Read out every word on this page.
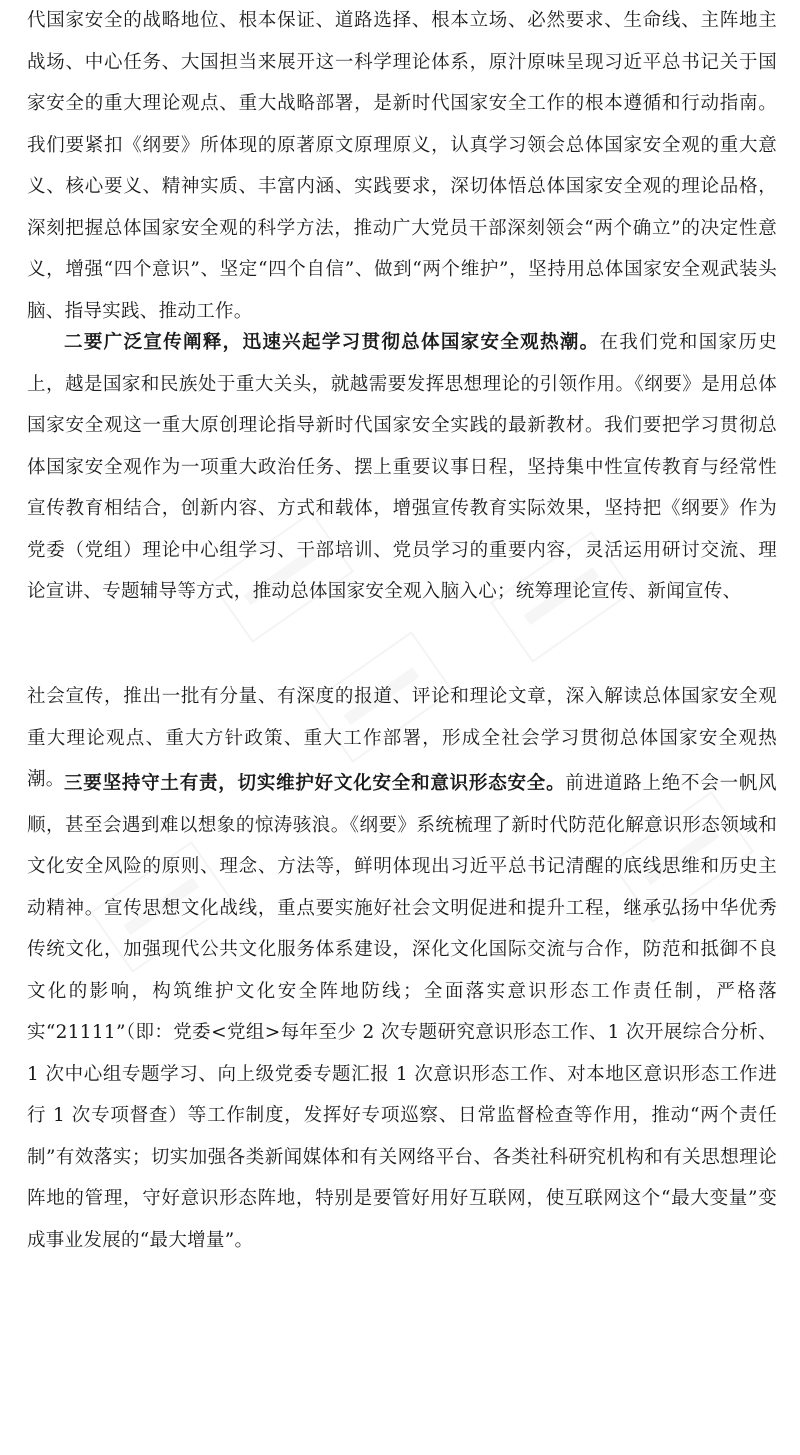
代国家安全的战略地位、根本保证、道路选择、根本立场、必然要求、生命线、主阵地主战场、中心任务、大国担当来展开这一科学理论体系，原汁原味呈现习近平总书记关于国家安全的重大理论观点、重大战略部署，是新时代国家安全工作的根本遵循和行动指南。我们要紧扣《纲要》所体现的原著原文原理原义，认真学习领会总体国家安全观的重大意义、核心要义、精神实质、丰富内涵、实践要求，深切体悟总体国家安全观的理论品格，深刻把握总体国家安全观的科学方法，推动广大党员干部深刻领会“两个确立”的决定性意义，增强“四个意识”、坚定“四个自信”、做到“两个维护”，坚持用总体国家安全观武装头脑、指导实践、推动工作。

二要广泛宣传阐释，迅速兴起学习贯彻总体国家安全观热潮。在我们党和国家历史上，越是国家和民族处于重大关头，就越需要发挥思想理论的引领作用。《纲要》是用总体国家安全观这一重大原创理论指导新时代国家安全实践的最新教材。我们要把学习贯彻总体国家安全观作为一项重大政治任务、摆上重要议事日程，坚持集中性宣传教育与经常性宣传教育相结合，创新内容、方式和载体，增强宣传教育实际效果，坚持把《纲要》作为党委（党组）理论中心组学习、干部培训、党员学习的重要内容，灵活运用研讨交流、理论宣讲、专题辅导等方式，推动总体国家安全观入脑入心；统筹理论宣传、新闻宣传、

社会宣传，推出一批有分量、有深度的报道、评论和理论文章，深入解读总体国家安全观重大理论观点、重大方针政策、重大工作部署，形成全社会学习贯彻总体国家安全观热潮。 三要坚持守土有责，切实维护好文化安全和意识形态安全。前进道路上绝不会一帆风顺，甚至会遇到难以想象的惊涛骇浪。《纲要》系统梳理了新时代防范化解意识形态领域和文化安全风险的原则、理念、方法等，鲜明体现出习近平总书记清醒的底线思维和历史主动精神。宣传思想文化战线，重点要实施好社会文明促进和提升工程，继承弘扬中华优秀传统文化，加强现代公共文化服务体系建设，深化文化国际交流与合作，防范和抵御不良文化的影响，构筑维护文化安全阵地防线；全面落实意识形态工作责任制，严格落实“21111”（即：党委<党组>每年至少 2 次专题研究意识形态工作、1 次开展综合分析、1 次中心组专题学习、向上级党委专题汇报 1 次意识形态工作、对本地区意识形态工作进行 1 次专项督查）等工作制度，发挥好专项巡察、日常监督检查等作用，推动“两个责任制”有效落实；切实加强各类新闻媒体和有关网络平台、各类社科研究机构和有关思想理论阵地的管理，守好意识形态阵地，特别是要管好用好互联网，使互联网这个“最大变量”变成事业发展的“最大增量”。
